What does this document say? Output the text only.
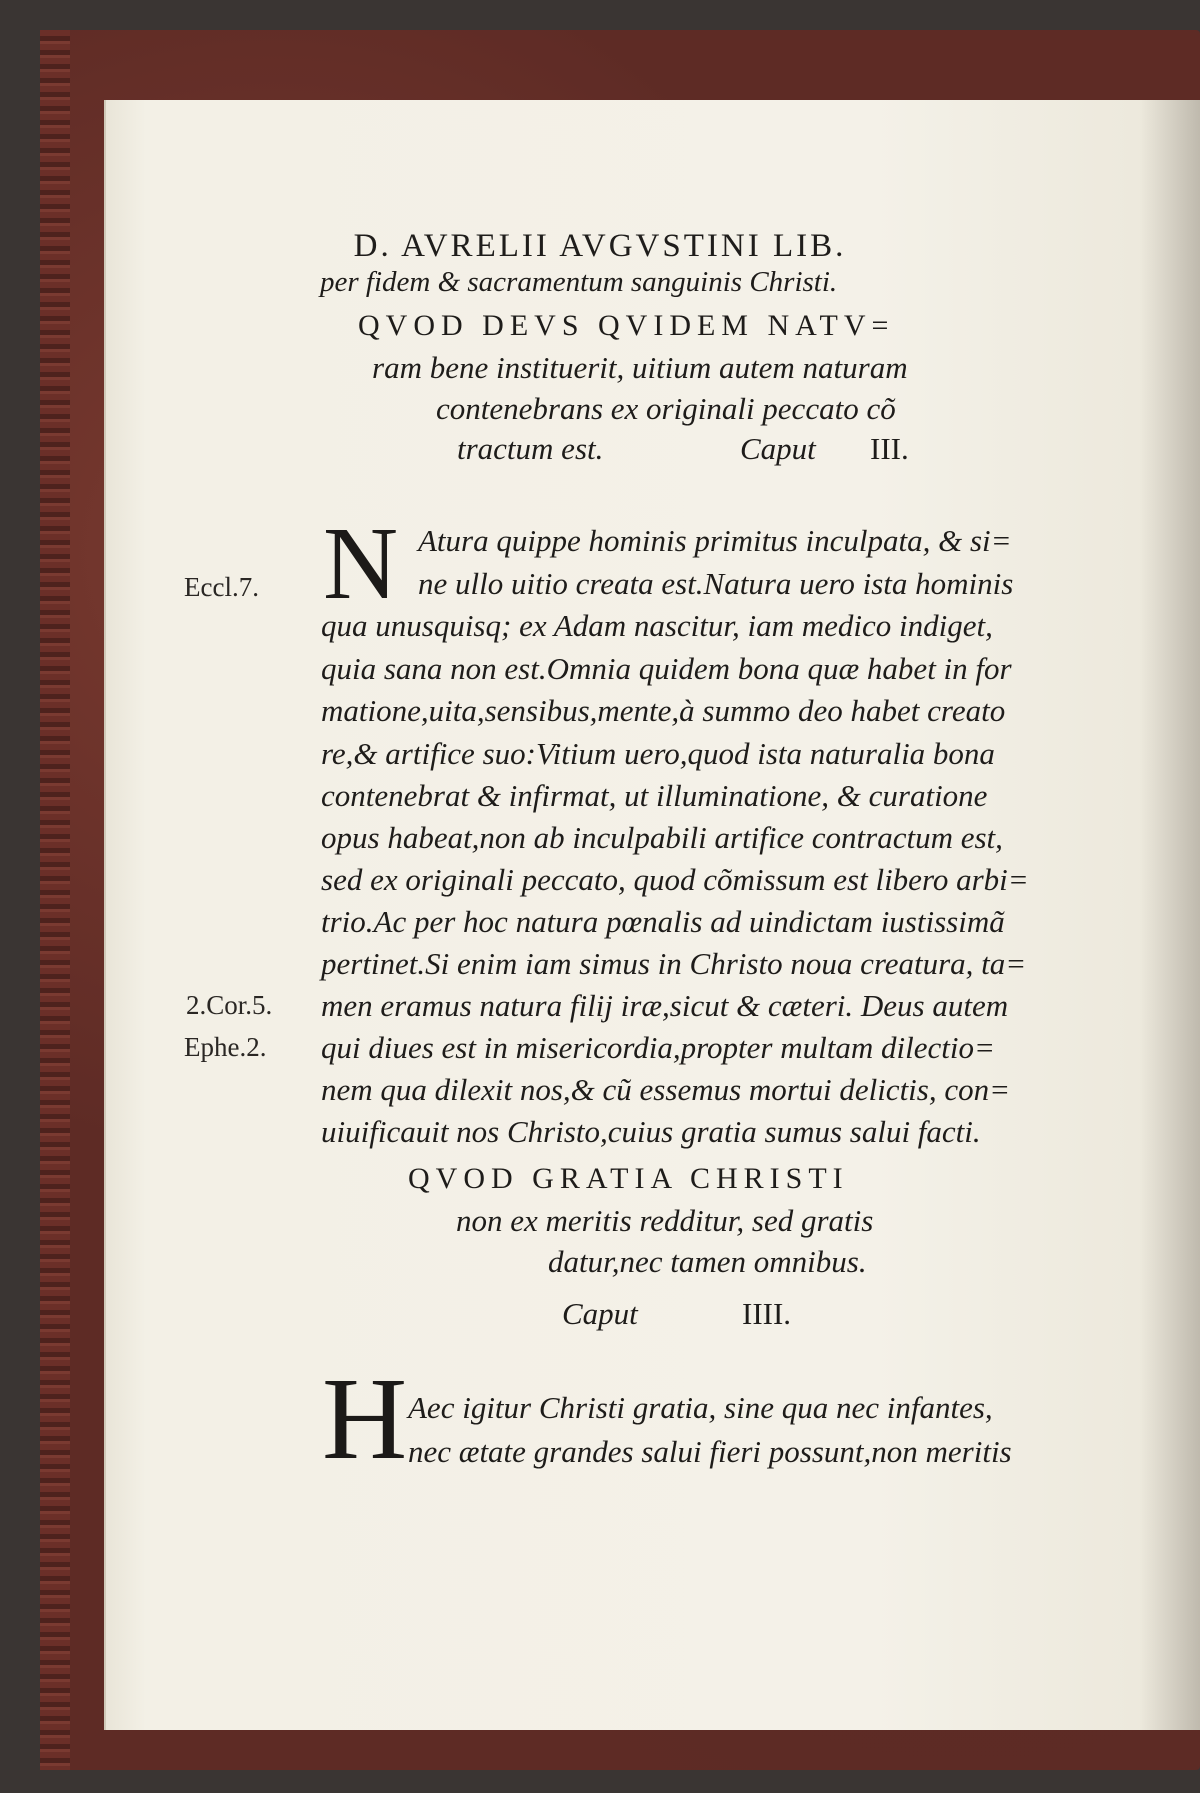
D. AVRELII AVGVSTINI LIB.
per fidem & sacramentum sanguinis Christi.
QVOD DEVS QVIDEM NATV=
ram bene instituerit, uitium autem naturam
contenebrans ex originali peccato cõ
tractum est.	Caput III.
N Atura quippe hominis primitus inculpata, & si=
ne ullo uitio creata est.Natura uero ista hominis
qua unusquisq; ex Adam nascitur, iam medico indiget,
quia sana non est.Omnia quidem bona quæ habet in for
matione,uita,sensibus,mente,à summo deo habet creato
re,& artifice suo:Vitium uero,quod ista naturalia bona
contenebrat & infirmat, ut illuminatione, & curatione
opus habeat,non ab inculpabili artifice contractum est,
sed ex originali peccato, quod cõmissum est libero arbi=
trio.Ac per hoc natura pœnalis ad uindictam iustissimã
pertinet.Si enim iam simus in Christo noua creatura, ta=
men eramus natura filij iræ,sicut & cæteri. Deus autem
qui diues est in misericordia,propter multam dilectio=
nem qua dilexit nos,& cũ essemus mortui delictis, con=
uiuificauit nos Christo,cuius gratia sumus salui facti.
Eccl.7.
2.Cor.5.
Ephe.2.
QVOD GRATIA CHRISTI
non ex meritis redditur, sed gratis
datur,nec tamen omnibus.
Caput	IIII.
H Aec igitur Christi gratia, sine qua nec infantes,
nec ætate grandes salui fieri possunt,non meritis
